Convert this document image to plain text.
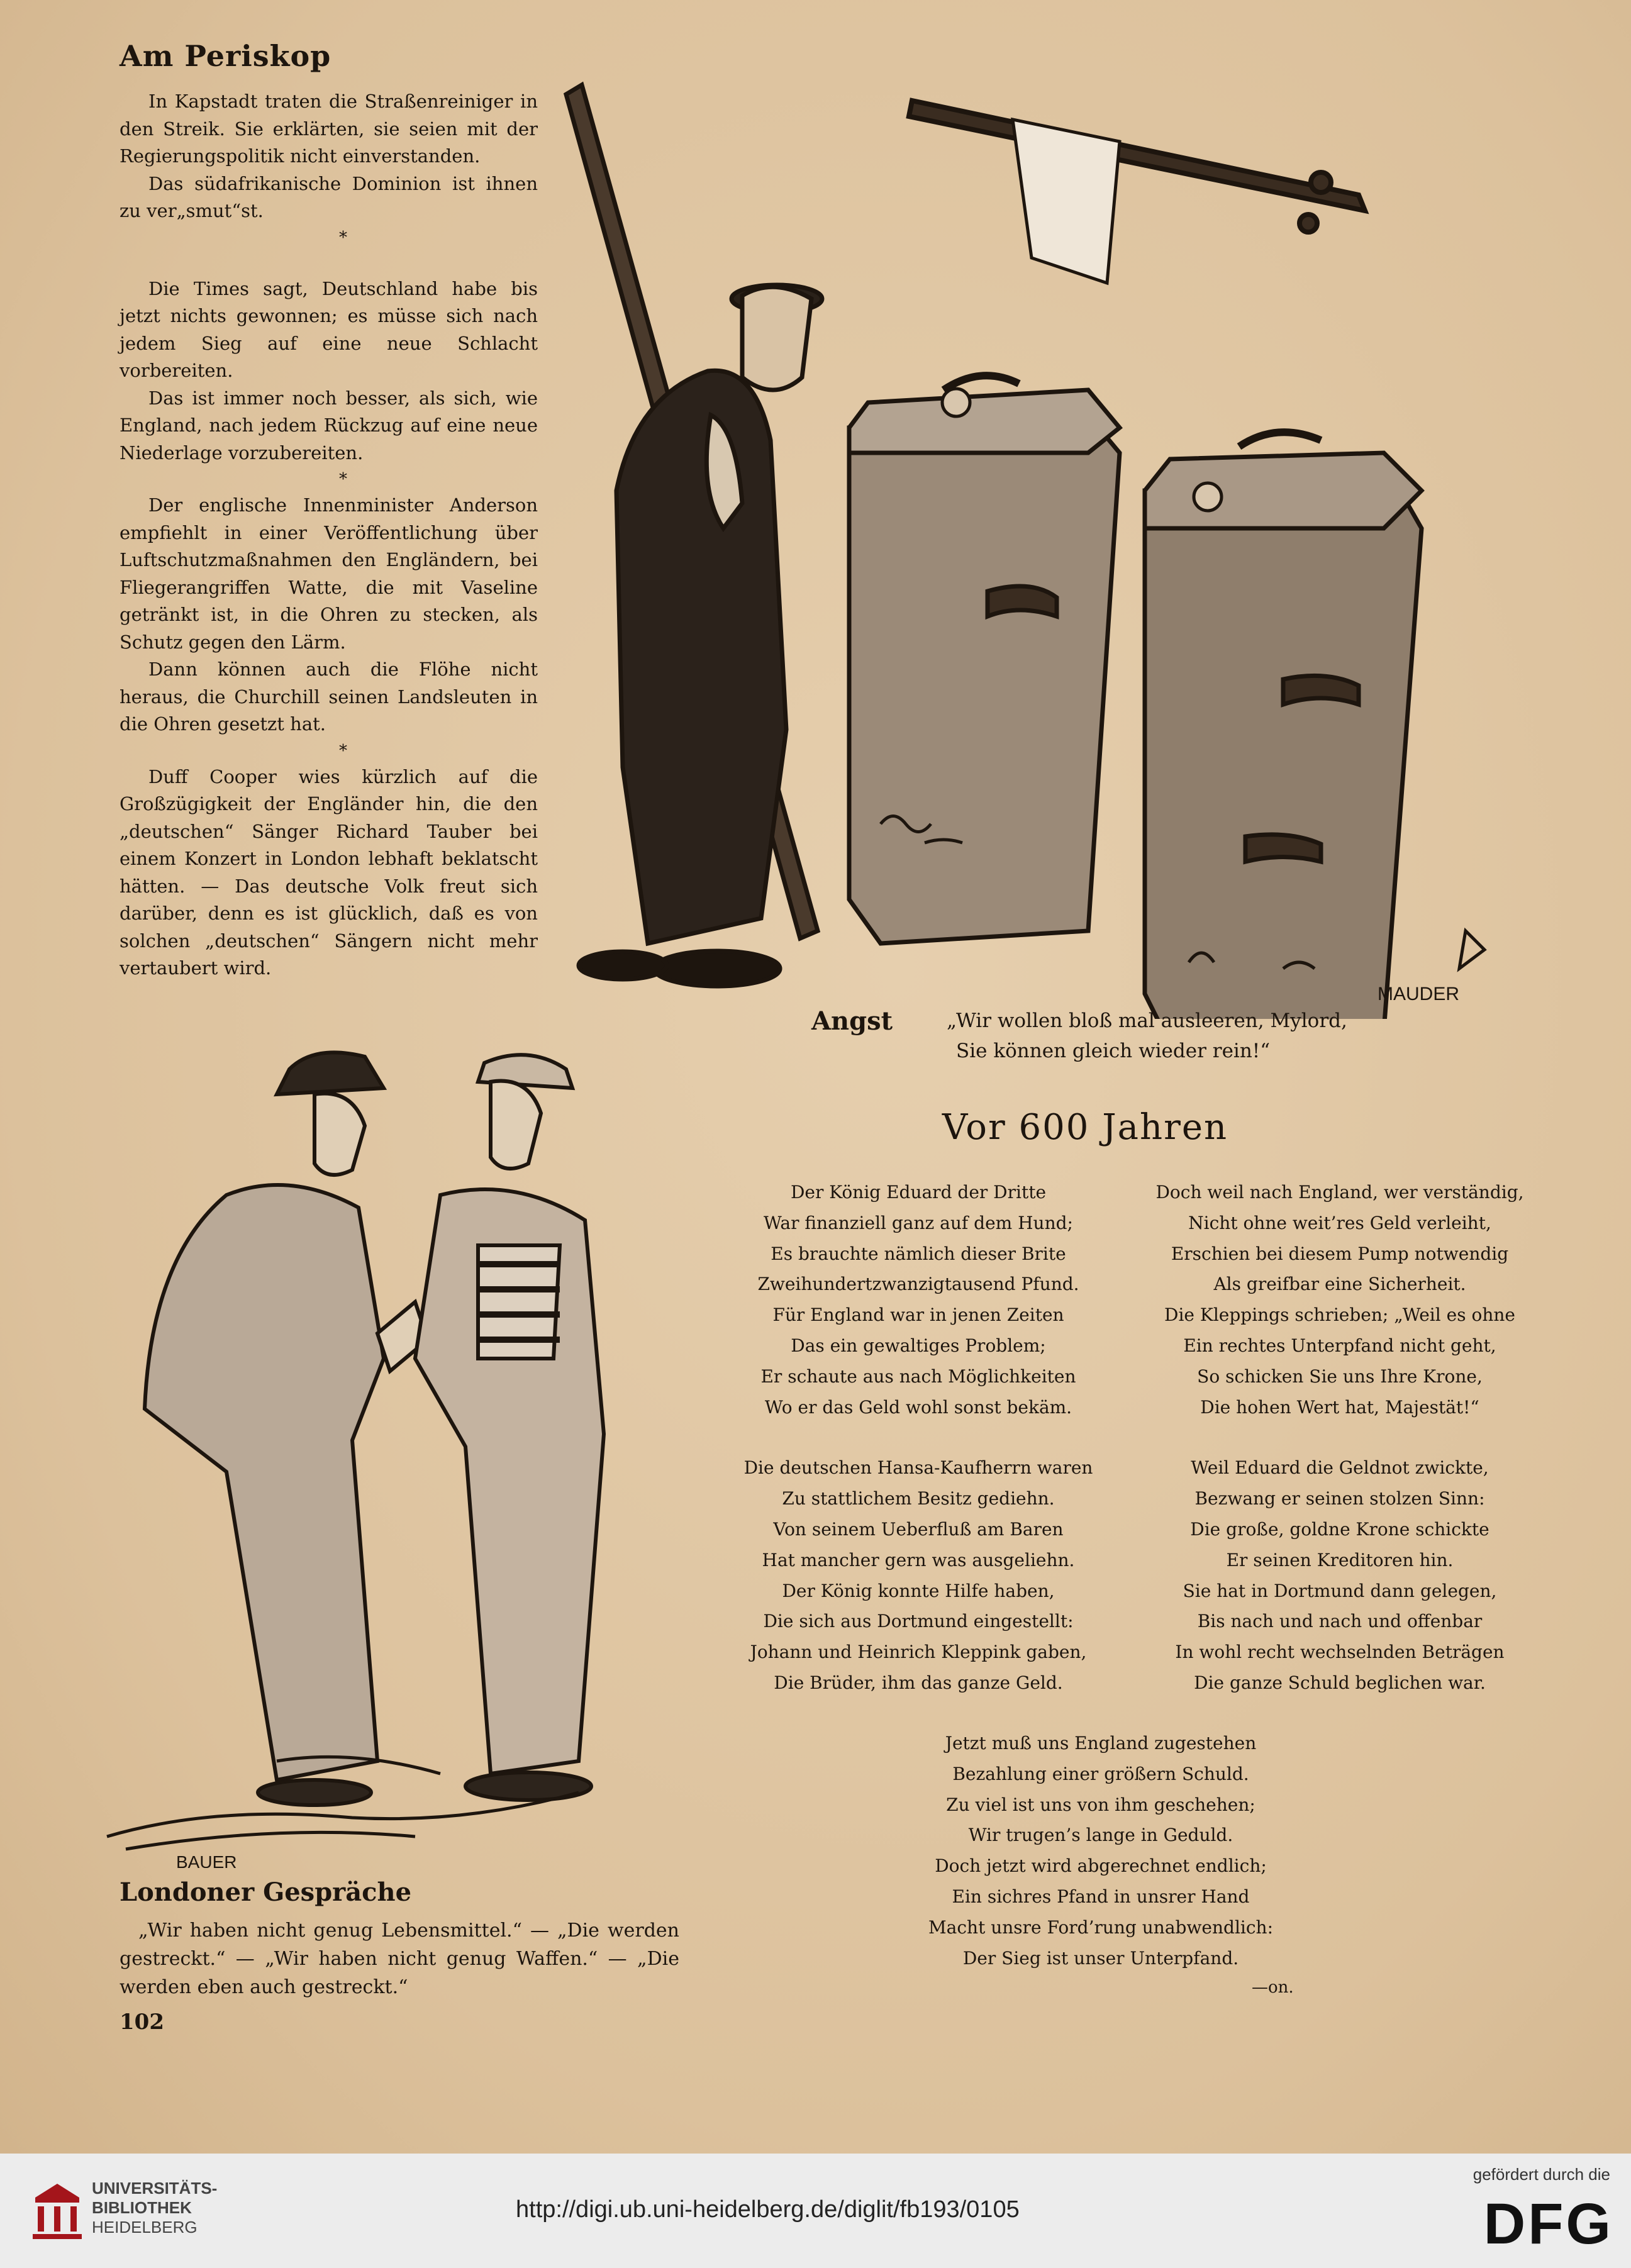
Am Periskop

In Kapstadt traten die Straßenreiniger in den Streik. Sie erklärten, sie seien mit der Regierungspolitik nicht einverstanden.

Das südafrikanische Dominion ist ihnen zu ver„smut“st.

*

Die Times sagt, Deutschland habe bis jetzt nichts gewonnen; es müsse sich nach jedem Sieg auf eine neue Schlacht vorbereiten.

Das ist immer noch besser, als sich, wie England, nach jedem Rückzug auf eine neue Niederlage vorzubereiten.

*

Der englische Innenminister Anderson empfiehlt in einer Veröffentlichung über Luftschutzmaßnahmen den Engländern, bei Fliegerangriffen Watte, die mit Vaseline getränkt ist, in die Ohren zu stecken, als Schutz gegen den Lärm.

Dann können auch die Flöhe nicht heraus, die Churchill seinen Landsleuten in die Ohren gesetzt hat.

*

Duff Cooper wies kürzlich auf die Großzügigkeit der Engländer hin, die den „deutschen“ Sänger Richard Tauber bei einem Konzert in London lebhaft beklatscht hätten. — Das deutsche Volk freut sich darüber, denn es ist glücklich, daß es von solchen „deutschen“ Sängern nicht mehr vertaubert wird.

MAUDER
Angst	„Wir wollen bloß mal ausleeren, Mylord,
Sie können gleich wieder rein!“
BAUER
Londoner Gespräche
„Wir haben nicht genug Lebensmittel.“ — „Die werden gestreckt.“ — „Wir haben nicht genug Waffen.“ — „Die werden eben auch gestreckt.“
102
Vor 600 Jahren
Der König Eduard der Dritte
War finanziell ganz auf dem Hund;
Es brauchte nämlich dieser Brite
Zweihundertzwanzigtausend Pfund.
Für England war in jenen Zeiten
Das ein gewaltiges Problem;
Er schaute aus nach Möglichkeiten
Wo er das Geld wohl sonst bekäm.
Die deutschen Hansa-Kaufherrn waren
Zu stattlichem Besitz gediehn.
Von seinem Ueberfluß am Baren
Hat mancher gern was ausgeliehn.
Der König konnte Hilfe haben,
Die sich aus Dortmund eingestellt:
Johann und Heinrich Kleppink gaben,
Die Brüder, ihm das ganze Geld.
Doch weil nach England, wer verständig,
Nicht ohne weit’res Geld verleiht,
Erschien bei diesem Pump notwendig
Als greifbar eine Sicherheit.
Die Kleppings schrieben; „Weil es ohne
Ein rechtes Unterpfand nicht geht,
So schicken Sie uns Ihre Krone,
Die hohen Wert hat, Majestät!“
Weil Eduard die Geldnot zwickte,
Bezwang er seinen stolzen Sinn:
Die große, goldne Krone schickte
Er seinen Kreditoren hin.
Sie hat in Dortmund dann gelegen,
Bis nach und nach und offenbar
In wohl recht wechselnden Beträgen
Die ganze Schuld beglichen war.
Jetzt muß uns England zugestehen
Bezahlung einer größern Schuld.
Zu viel ist uns von ihm geschehen;
Wir trugen’s lange in Geduld.
Doch jetzt wird abgerechnet endlich;
Ein sichres Pfand in unsrer Hand
Macht unsre Ford’rung unabwendlich:
Der Sieg ist unser Unterpfand.
—on.
UNIVERSITÄTS-
BIBLIOTHEK
HEIDELBERG
http://digi.ub.uni-heidelberg.de/diglit/fb193/0105
gefördert durch die
DFG
